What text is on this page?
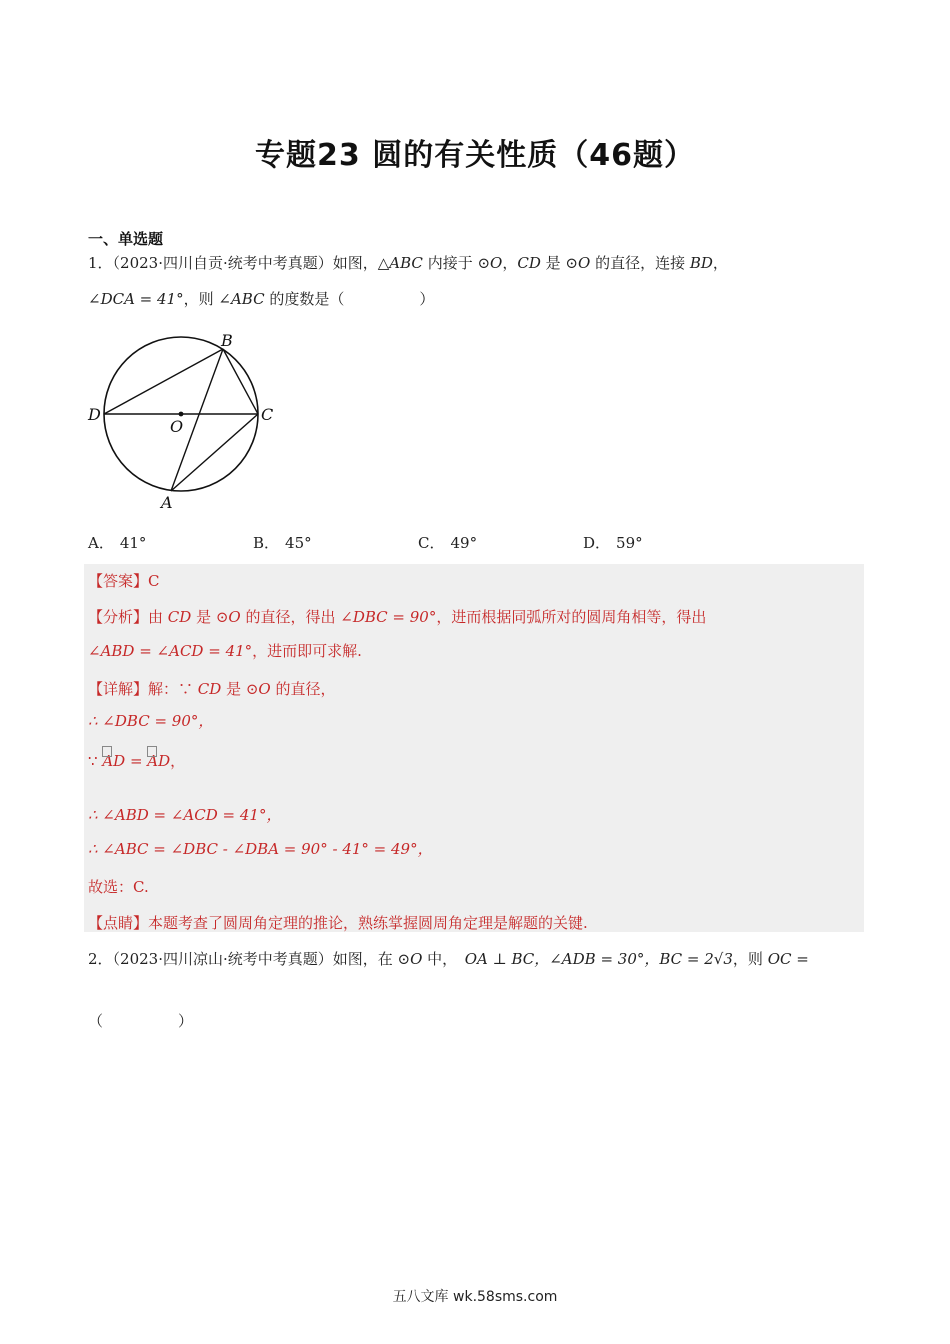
专题23 圆的有关性质（46题）
一、单选题
1．（2023·四川自贡·统考中考真题）如图，△ABC 内接于 ⊙O，CD 是 ⊙O 的直径，连接 BD，
∠DCA = 41°，则 ∠ABC 的度数是（　　　　　）
B
D	C
O
A
A． 41°	B． 45°	C． 49°	D． 59°
【答案】C
【分析】由 CD 是 ⊙O 的直径，得出 ∠DBC = 90°，进而根据同弧所对的圆周角相等，得出
∠ABD = ∠ACD = 41°，进而即可求解.
【详解】解：∵ CD 是 ⊙O 的直径，
∴ ∠DBC = 90°，
∵ AD = AD，
∴ ∠ABD = ∠ACD = 41°，
∴ ∠ABC = ∠DBC - ∠DBA = 90° - 41° = 49°，
故选：C.
【点睛】本题考查了圆周角定理的推论，熟练掌握圆周角定理是解题的关键.
2．（2023·四川凉山·统考中考真题）如图，在 ⊙O 中，　OA ⊥ BC，∠ADB = 30°，BC = 2√3，则 OC =
（　　　　　）
五八文库 wk.58sms.com
